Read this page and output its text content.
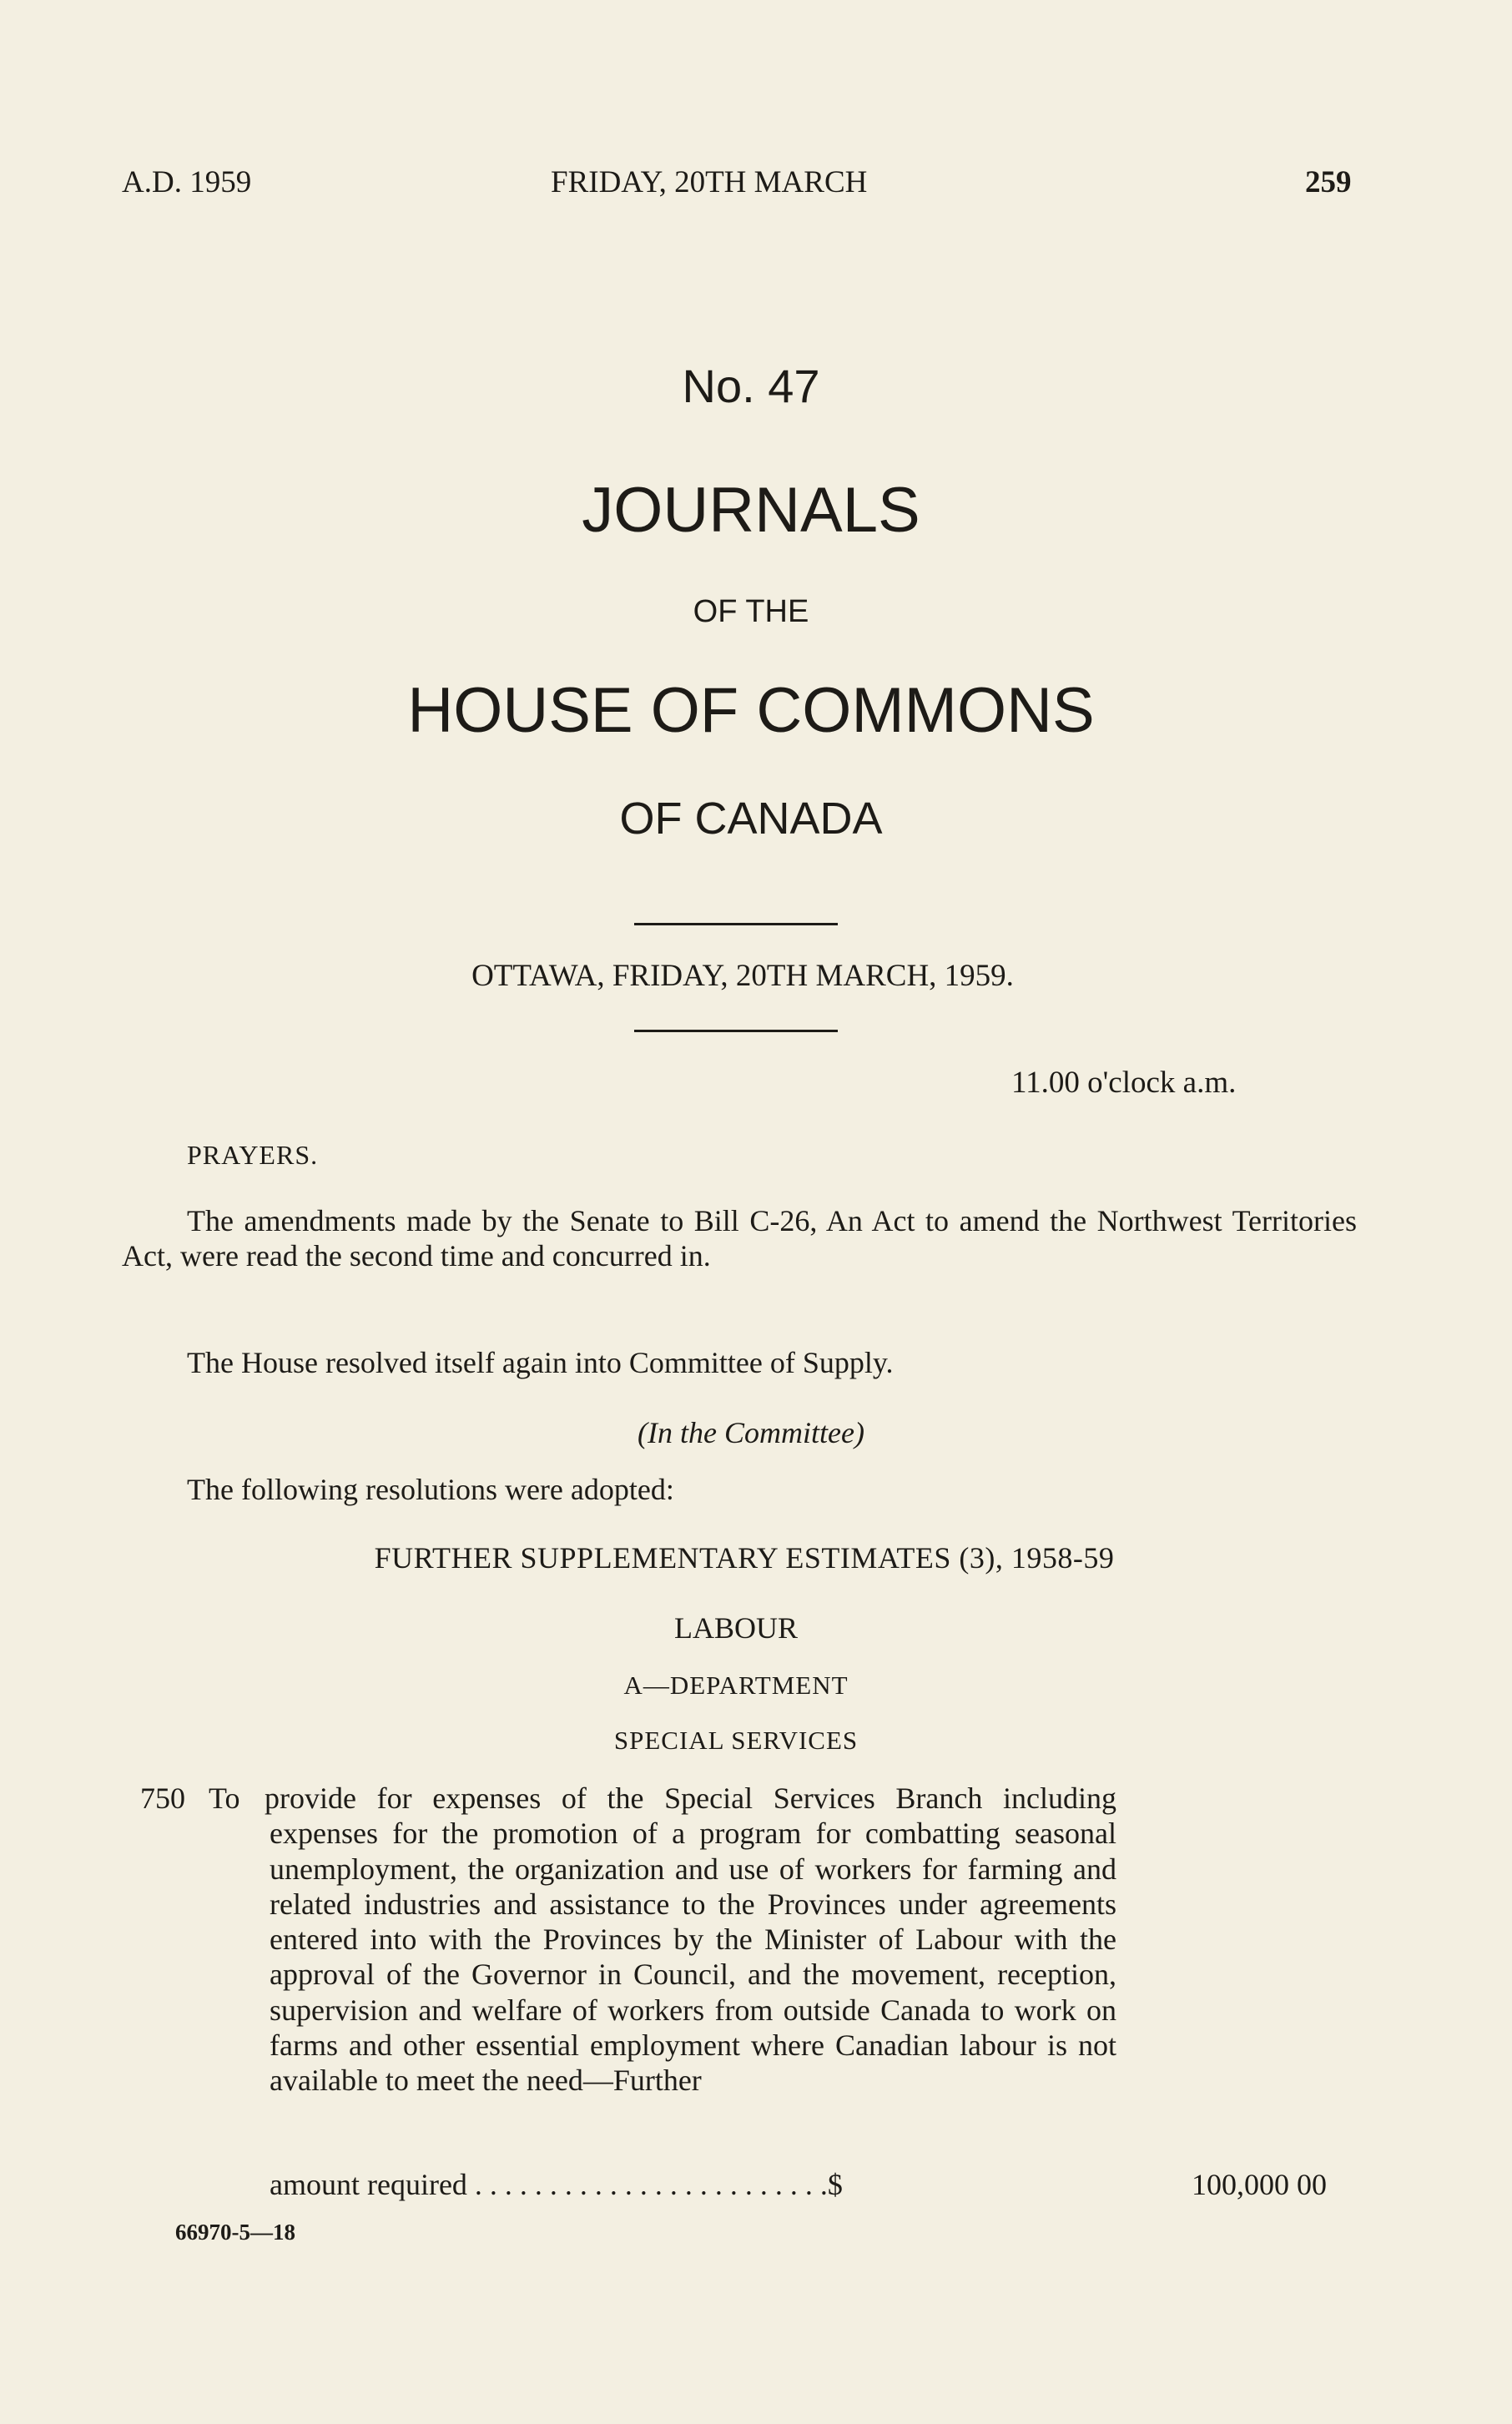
A.D. 1959	FRIDAY, 20TH MARCH	259
No. 47
JOURNALS
OF THE
HOUSE OF COMMONS
OF CANADA
OTTAWA, FRIDAY, 20TH MARCH, 1959.
11.00 o'clock a.m.
PRAYERS.
The amendments made by the Senate to Bill C-26, An Act to amend the Northwest Territories Act, were read the second time and concurred in.
The House resolved itself again into Committee of Supply.
(In the Committee)
The following resolutions were adopted:
FURTHER SUPPLEMENTARY ESTIMATES (3), 1958-59
LABOUR
A—DEPARTMENT
SPECIAL SERVICES
750 To provide for expenses of the Special Services Branch including expenses for the promotion of a program for combatting seasonal unemployment, the organization and use of workers for farming and related industries and assistance to the Provinces under agreements entered into with the Provinces by the Minister of Labour with the approval of the Governor in Council, and the movement, reception, supervision and welfare of workers from outside Canada to work on farms and other essential employment where Canadian labour is not available to meet the need—Further
amount required . . . . . . . . . . . . . . . . . . . . . . . .$	100,000 00
66970-5—18
